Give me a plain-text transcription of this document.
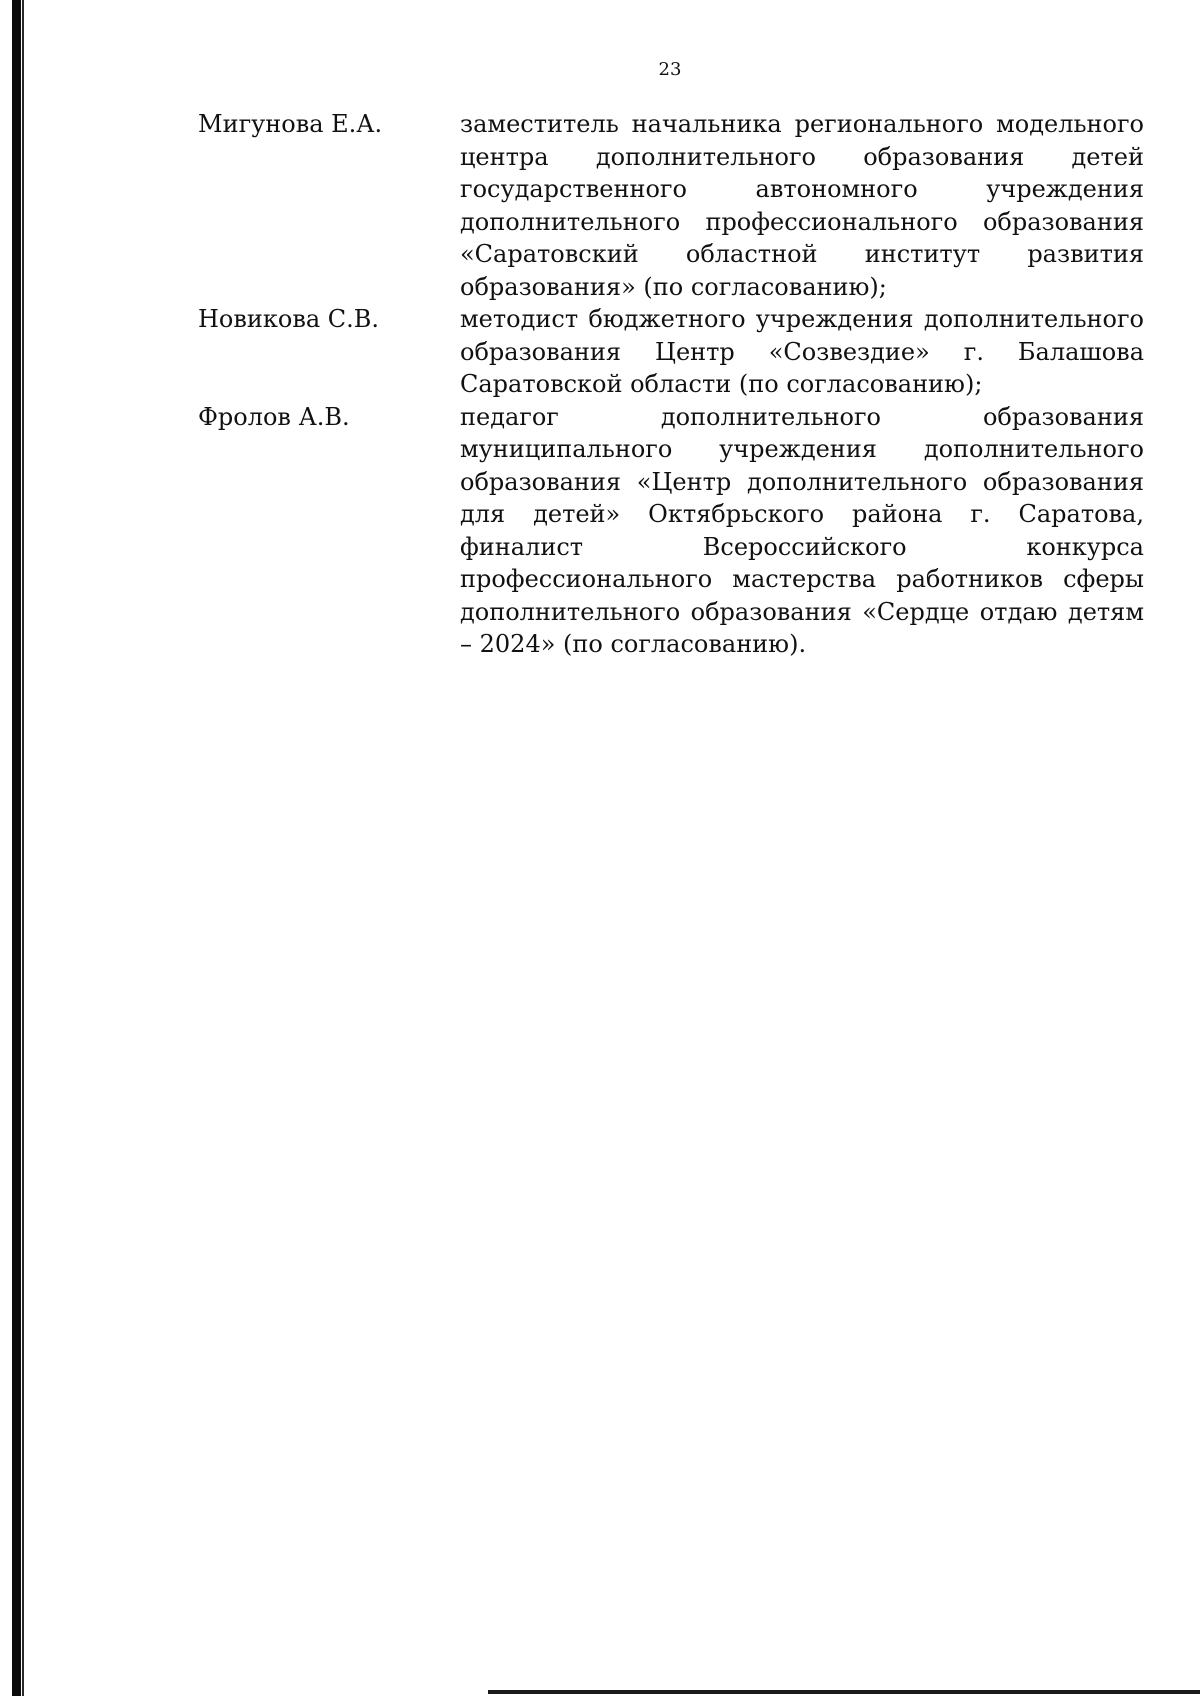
23
Мигунова Е.А.	заместитель начальника регионального модельного центра дополнительного образования детей государственного автономного учреждения дополнительного профессионального образования «Саратовский областной институт развития образования» (по согласованию);
Новикова С.В.	методист бюджетного учреждения дополнительного образования Центр «Созвездие» г. Балашова Саратовской области (по согласованию);
Фролов А.В.	педагог дополнительного образования муниципального учреждения дополнительного образования «Центр дополнительного образования для детей» Октябрьского района г. Саратова, финалист Всероссийского конкурса профессионального мастерства работников сферы дополнительного образования «Сердце отдаю детям – 2024» (по согласованию).
